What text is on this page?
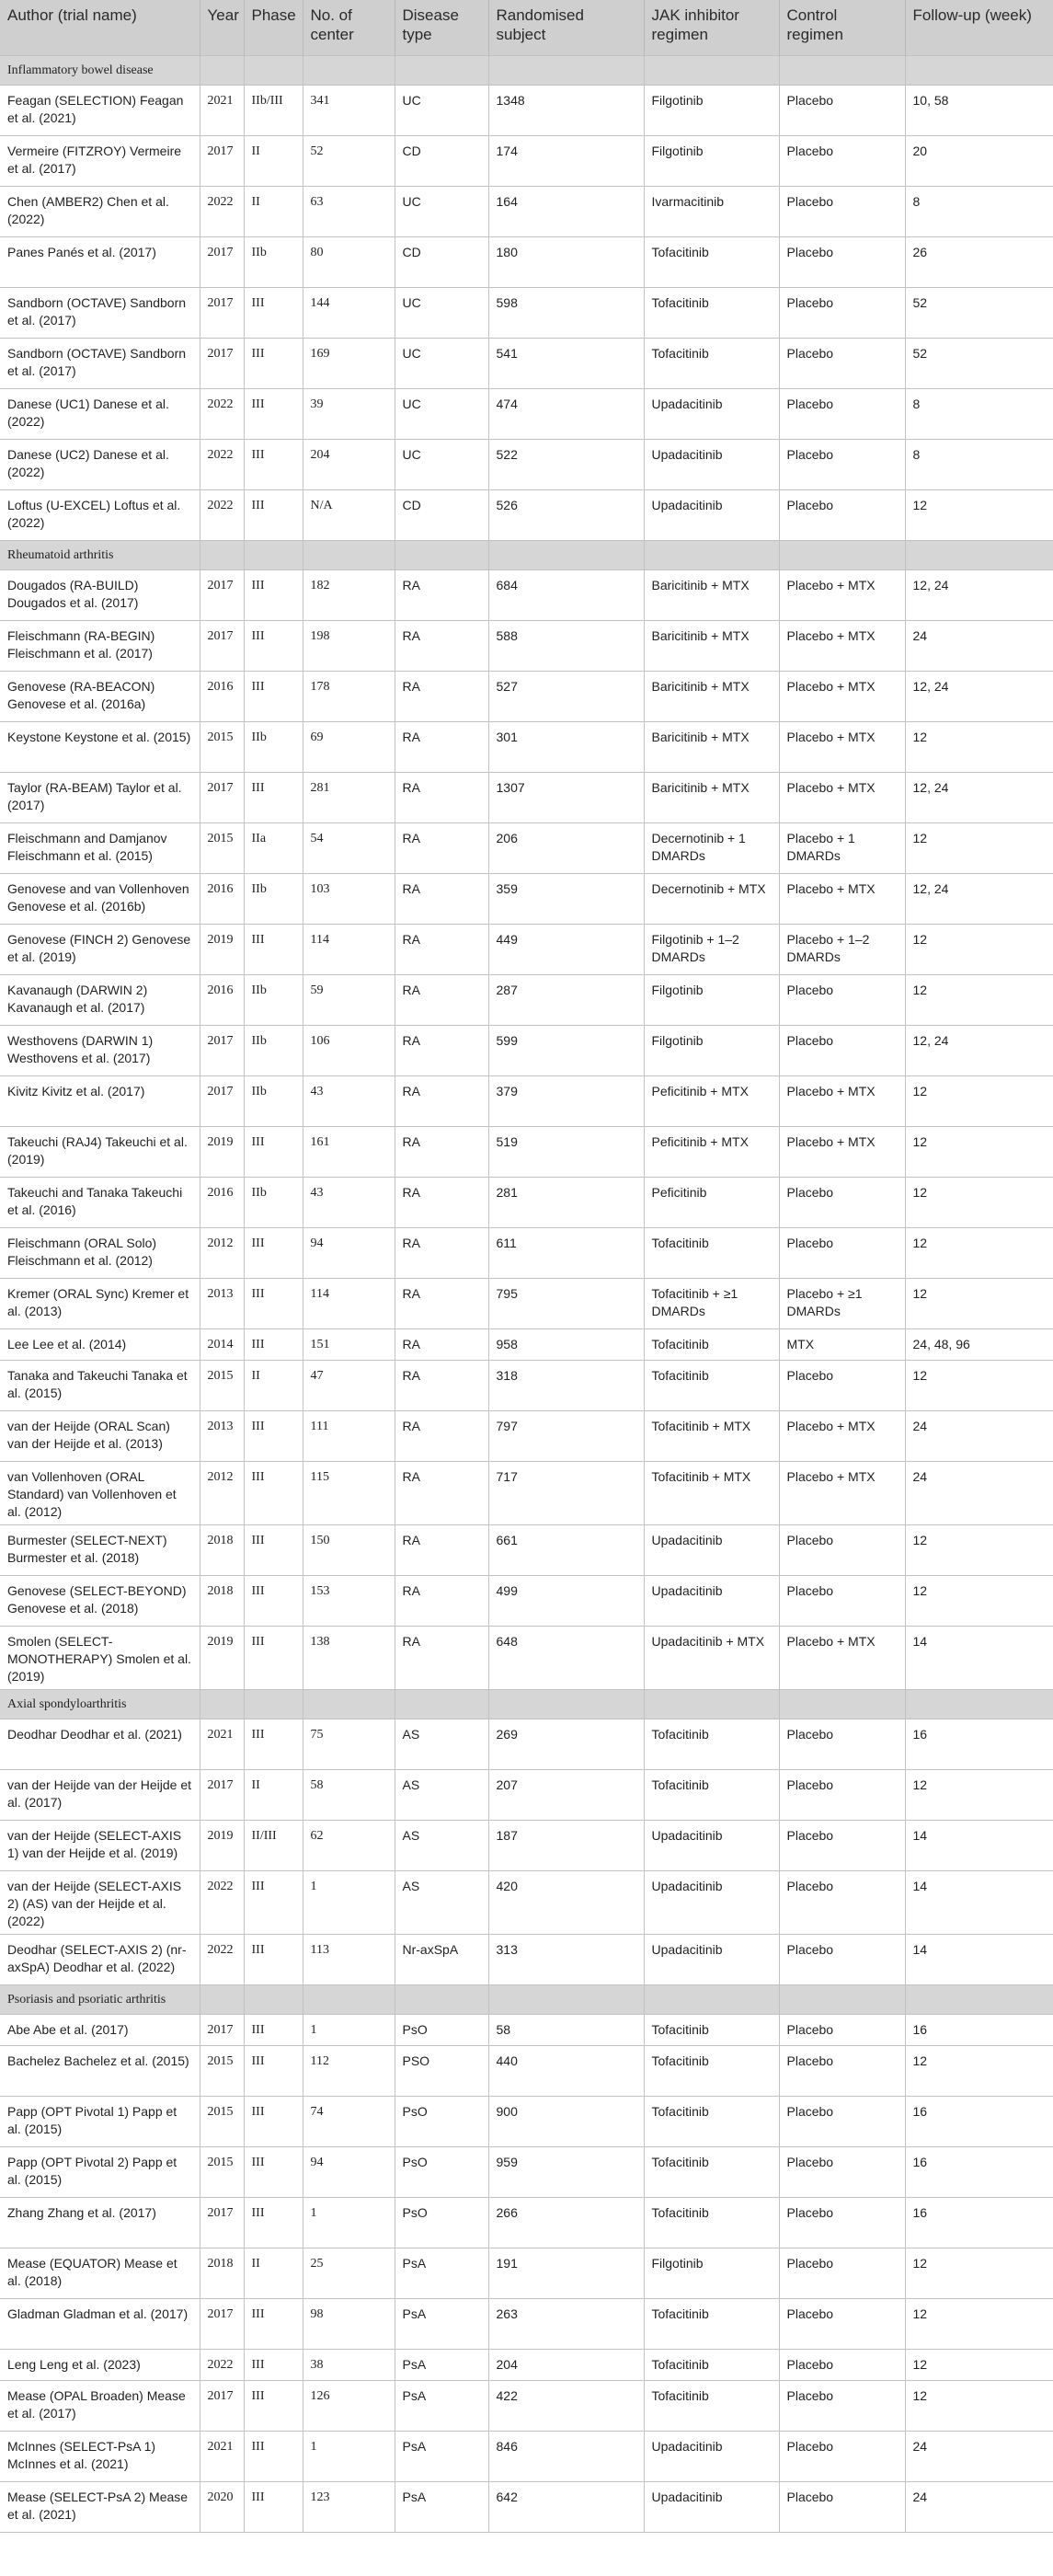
Author (trial name)	Year	Phase	No. of center	Disease type	Randomised subject	JAK inhibitor regimen	Control regimen	Follow-up (week)
Inflammatory bowel disease								
Feagan (SELECTION) Feagan et al. (2021)	2021	IIb/III	341	UC	1348	Filgotinib	Placebo	10, 58
Vermeire (FITZROY) Vermeire et al. (2017)	2017	II	52	CD	174	Filgotinib	Placebo	20
Chen (AMBER2) Chen et al. (2022)	2022	II	63	UC	164	Ivarmacitinib	Placebo	8
Panes Panés et al. (2017)	2017	IIb	80	CD	180	Tofacitinib	Placebo	26
Sandborn (OCTAVE) Sandborn et al. (2017)	2017	III	144	UC	598	Tofacitinib	Placebo	52
Sandborn (OCTAVE) Sandborn et al. (2017)	2017	III	169	UC	541	Tofacitinib	Placebo	52
Danese (UC1) Danese et al. (2022)	2022	III	39	UC	474	Upadacitinib	Placebo	8
Danese (UC2) Danese et al. (2022)	2022	III	204	UC	522	Upadacitinib	Placebo	8
Loftus (U-EXCEL) Loftus et al. (2022)	2022	III	N/A	CD	526	Upadacitinib	Placebo	12
Rheumatoid arthritis								
Dougados (RA-BUILD) Dougados et al. (2017)	2017	III	182	RA	684	Baricitinib + MTX	Placebo + MTX	12, 24
Fleischmann (RA-BEGIN) Fleischmann et al. (2017)	2017	III	198	RA	588	Baricitinib + MTX	Placebo + MTX	24
Genovese (RA-BEACON) Genovese et al. (2016a)	2016	III	178	RA	527	Baricitinib + MTX	Placebo + MTX	12, 24
Keystone Keystone et al. (2015)	2015	IIb	69	RA	301	Baricitinib + MTX	Placebo + MTX	12
Taylor (RA-BEAM) Taylor et al. (2017)	2017	III	281	RA	1307	Baricitinib + MTX	Placebo + MTX	12, 24
Fleischmann and Damjanov Fleischmann et al. (2015)	2015	IIa	54	RA	206	Decernotinib + 1 DMARDs	Placebo + 1 DMARDs	12
Genovese and van Vollenhoven Genovese et al. (2016b)	2016	IIb	103	RA	359	Decernotinib + MTX	Placebo + MTX	12, 24
Genovese (FINCH 2) Genovese et al. (2019)	2019	III	114	RA	449	Filgotinib + 1–2 DMARDs	Placebo + 1–2 DMARDs	12
Kavanaugh (DARWIN 2) Kavanaugh et al. (2017)	2016	IIb	59	RA	287	Filgotinib	Placebo	12
Westhovens (DARWIN 1) Westhovens et al. (2017)	2017	IIb	106	RA	599	Filgotinib	Placebo	12, 24
Kivitz Kivitz et al. (2017)	2017	IIb	43	RA	379	Peficitinib + MTX	Placebo + MTX	12
Takeuchi (RAJ4) Takeuchi et al. (2019)	2019	III	161	RA	519	Peficitinib + MTX	Placebo + MTX	12
Takeuchi and Tanaka Takeuchi et al. (2016)	2016	IIb	43	RA	281	Peficitinib	Placebo	12
Fleischmann (ORAL Solo) Fleischmann et al. (2012)	2012	III	94	RA	611	Tofacitinib	Placebo	12
Kremer (ORAL Sync) Kremer et al. (2013)	2013	III	114	RA	795	Tofacitinib + ≥1 DMARDs	Placebo + ≥1 DMARDs	12
Lee Lee et al. (2014)	2014	III	151	RA	958	Tofacitinib	MTX	24, 48, 96
Tanaka and Takeuchi Tanaka et al. (2015)	2015	II	47	RA	318	Tofacitinib	Placebo	12
van der Heijde (ORAL Scan) van der Heijde et al. (2013)	2013	III	111	RA	797	Tofacitinib + MTX	Placebo + MTX	24
van Vollenhoven (ORAL Standard) van Vollenhoven et al. (2012)	2012	III	115	RA	717	Tofacitinib + MTX	Placebo + MTX	24
Burmester (SELECT-NEXT) Burmester et al. (2018)	2018	III	150	RA	661	Upadacitinib	Placebo	12
Genovese (SELECT-BEYOND) Genovese et al. (2018)	2018	III	153	RA	499	Upadacitinib	Placebo	12
Smolen (SELECT-MONOTHERAPY) Smolen et al. (2019)	2019	III	138	RA	648	Upadacitinib + MTX	Placebo + MTX	14
Axial spondyloarthritis								
Deodhar Deodhar et al. (2021)	2021	III	75	AS	269	Tofacitinib	Placebo	16
van der Heijde van der Heijde et al. (2017)	2017	II	58	AS	207	Tofacitinib	Placebo	12
van der Heijde (SELECT-AXIS 1) van der Heijde et al. (2019)	2019	II/III	62	AS	187	Upadacitinib	Placebo	14
van der Heijde (SELECT-AXIS 2) (AS) van der Heijde et al. (2022)	2022	III	1	AS	420	Upadacitinib	Placebo	14
Deodhar (SELECT-AXIS 2) (nr-axSpA) Deodhar et al. (2022)	2022	III	113	Nr-axSpA	313	Upadacitinib	Placebo	14
Psoriasis and psoriatic arthritis								
Abe Abe et al. (2017)	2017	III	1	PsO	58	Tofacitinib	Placebo	16
Bachelez Bachelez et al. (2015)	2015	III	112	PSO	440	Tofacitinib	Placebo	12
Papp (OPT Pivotal 1) Papp et al. (2015)	2015	III	74	PsO	900	Tofacitinib	Placebo	16
Papp (OPT Pivotal 2) Papp et al. (2015)	2015	III	94	PsO	959	Tofacitinib	Placebo	16
Zhang Zhang et al. (2017)	2017	III	1	PsO	266	Tofacitinib	Placebo	16
Mease (EQUATOR) Mease et al. (2018)	2018	II	25	PsA	191	Filgotinib	Placebo	12
Gladman Gladman et al. (2017)	2017	III	98	PsA	263	Tofacitinib	Placebo	12
Leng Leng et al. (2023)	2022	III	38	PsA	204	Tofacitinib	Placebo	12
Mease (OPAL Broaden) Mease et al. (2017)	2017	III	126	PsA	422	Tofacitinib	Placebo	12
McInnes (SELECT-PsA 1) McInnes et al. (2021)	2021	III	1	PsA	846	Upadacitinib	Placebo	24
Mease (SELECT-PsA 2) Mease et al. (2021)	2020	III	123	PsA	642	Upadacitinib	Placebo	24
